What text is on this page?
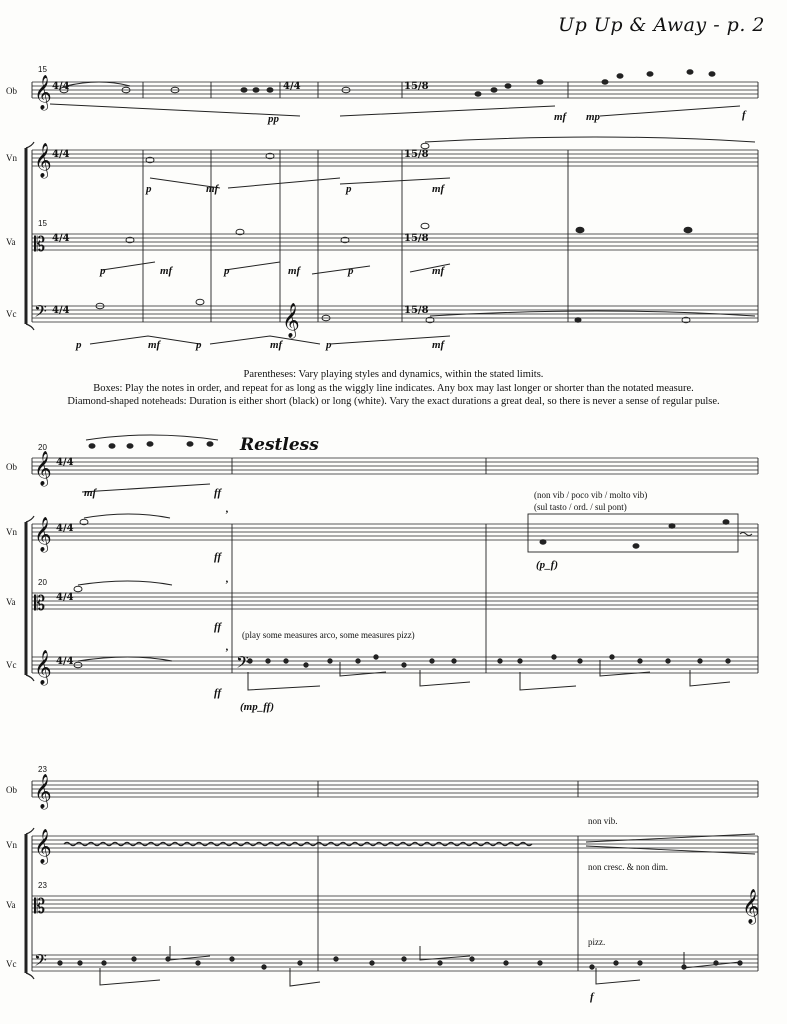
Up Up & Away - p. 2
15
15
𝄞
𝄞
𝄡
𝄢	𝄞
Ob
Vn
Va
Vc
4/4
4/4
4/4
4/4
4/4	15/8
15/8
15/8
15/8
pp	mf mp	f
p	mf	p	mf
p	mf	p	mf	p	mf
p	mf	p	mf	p	mf
20
20
𝄞
𝄞
𝄡
𝄞	𝄢
,
,
,
Ob
Vn
Va
Vc
4/4
4/4
4/4
4/4
Restless
mf	ff
ff
ff
ff
(non vib / poco vib / molto vib)
(sul tasto / ord. / sul pont)
(p_f)
(play some measures arco, some measures pizz)
(mp_ff)
23
23
𝄞
𝄞
𝄡
𝄢
𝄞
Ob
Vn
Va
Vc
non vib.
non cresc. & non dim.
pizz.
f
Parentheses: Vary playing styles and dynamics, within the stated limits.
Boxes: Play the notes in order, and repeat for as long as the wiggly line indicates. Any box may last longer or shorter than the notated measure.
Diamond-shaped noteheads: Duration is either short (black) or long (white). Vary the exact durations a great deal, so there is never a sense of regular pulse.
